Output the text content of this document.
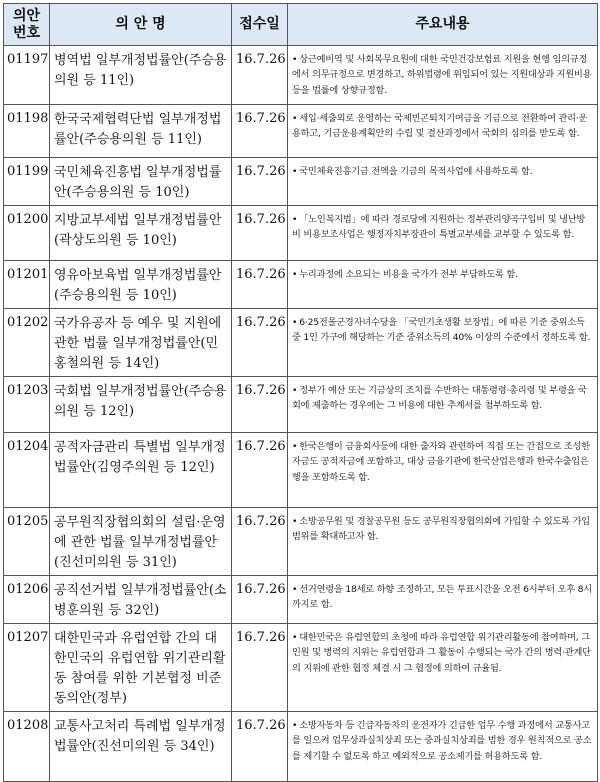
의안
번호	의 안 명	접수일	주요내용
01197	병역법 일부개정법률안(주승용의원 등 11인)	16.7.26	• 상근예비역 및 사회복무요원에 대한 국민건강보험료 지원을 현행 임의규정에서 의무규정으로 변경하고, 하위법령에 위임되어 있는 지원대상과 지원비용 등을 법률에 상향규정함.
01198	한국국제협력단법 일부개정법률안(주승용의원 등 11인)	16.7.26	• 세입·세출외로 운영하는 국제빈곤퇴치기여금을 기금으로 전환하여 관리·운용하고, 기금운용계획안의 수립 및 결산과정에서 국회의 심의를 받도록 함.
01199	국민체육진흥법 일부개정법률안(주승용의원 등 10인)	16.7.26	• 국민체육진흥기금 전액을 기금의 목적사업에 사용하도록 함.
01200	지방교부세법 일부개정법률안(곽상도의원 등 10인)	16.7.26	• 「노인복지법」에 따라 경로당에 지원하는 정부관리양곡구입비 및 냉난방비 비용보조사업은 행정자치부장관이 특별교부세를 교부할 수 있도록 함.
01201	영유아보육법 일부개정법률안(주승용의원 등 10인)	16.7.26	• 누리과정에 소요되는 비용을 국가가 전부 부담하도록 함.
01202	국가유공자 등 예우 및 지원에 관한 법률 일부개정법률안(민홍철의원 등 14인)	16.7.26	• 6·25전몰군경자녀수당을 「국민기초생활 보장법」에 따른 기준 중위소득 중 1인 가구에 해당하는 기준 중위소득의 40% 이상의 수준에서 정하도록 함.
01203	국회법 일부개정법률안(주승용의원 등 12인)	16.7.26	• 정부가 예산 또는 기금상의 조치를 수반하는 대통령령·총리령 및 부령을 국회에 제출하는 경우에는 그 비용에 대한 추계서를 첨부하도록 함.
01204	공적자금관리 특별법 일부개정법률안(김영주의원 등 12인)	16.7.26	• 한국은행이 금융회사등에 대한 출자와 관련하여 직접 또는 간접으로 조성한 자금도 공적자금에 포함하고, 대상 금융기관에 한국산업은행과 한국수출입은행을 포함하도록 함.
01205	공무원직장협의회의 설립·운영에 관한 법률 일부개정법률안(진선미의원 등 31인)	16.7.26	• 소방공무원 및 경찰공무원 등도 공무원직장협의회에 가입할 수 있도록 가입범위를 확대하고자 함.
01206	공직선거법 일부개정법률안(소병훈의원 등 32인)	16.7.26	• 선거연령을 18세로 하향 조정하고, 모든 투표시간을 오전 6시부터 오후 8시까지로 함.
01207	대한민국과 유럽연합 간의 대한민국의 유럽연합 위기관리활동 참여를 위한 기본협정 비준동의안(정부)	16.7.26	• 대한민국은 유럽연합의 초청에 따라 유럽연합 위기관리활동에 참여하며, 그 인원 및 병력의 지위는 유럽연합과 그 활동이 수행되는 국가 간의 병력·관계단의 지위에 관한 협정 체결 시 그 협정에 의하여 규율됨.
01208	교통사고처리 특례법 일부개정법률안(진선미의원 등 34인)	16.7.26	• 소방자동차 등 긴급자동차의 운전자가 긴급한 업무 수행 과정에서 교통사고를 일으켜 업무상과실치상죄 또는 중과실치상죄를 범한 경우 원칙적으로 공소를 제기할 수 없도록 하고 예외적으로 공소제기를 허용하도록 함.
